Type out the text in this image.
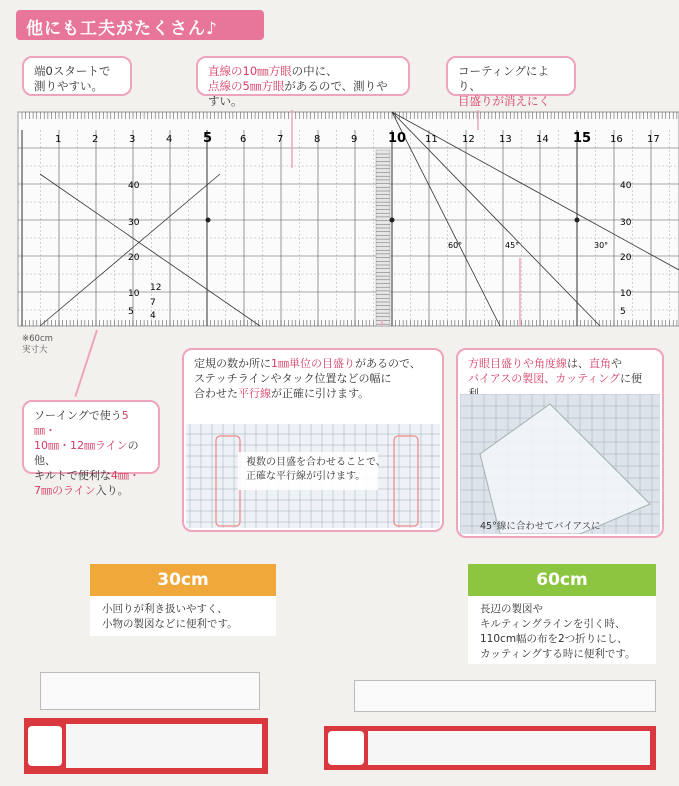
他にも工夫がたくさん♪
端0スタートで
測りやすい。
直線の10㎜方眼の中に、
点線の5㎜方眼があるので、測りやすい。
コーティングにより、
目盛りが消えにく
1	2	3	4 5	6	7	8	9 10 11 12 13 14 15 16 17
40
30
20
10
5
12
7
4
40
30
20
10
5
60°	45°	30°
※60cm
実寸大
ソーイングで使う5㎜・
10㎜・12㎜ラインの他、
キルトで便利な4㎜・
7㎜のライン入り。
定規の数か所に1㎜単位の目盛りがあるので、
ステッチラインやタック位置などの幅に
合わせた平行線が正確に引けます。
複数の目盛を合わせることで、
正確な平行線が引けます。
方眼目盛りや角度線は、直角や
バイアスの製図、カッティングに便
45°線に合わせてバイアスに
30cm
小回りが利き扱いやすく、
小物の製図などに便利です。
60cm
長辺の製図や
キルティングラインを引く時、
110cm幅の布を2つ折りにし、
カッティングする時に便利です。
